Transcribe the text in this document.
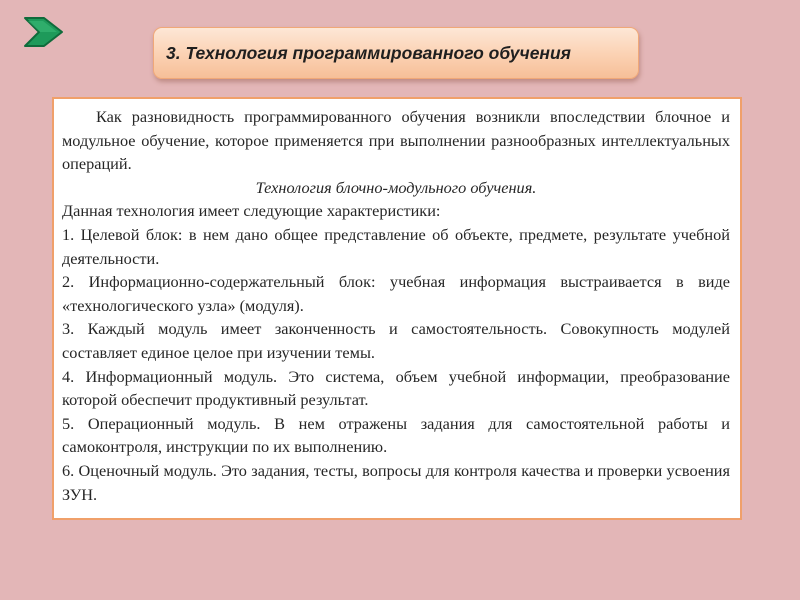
3. Технология программированного обучения

Как разновидность программированного обучения возникли впоследствии блочное и модульное обучение, которое применяется при выполнении разнообразных интеллектуальных операций.

Технология блочно-модульного обучения.

Данная технология имеет следующие характеристики:

1. Целевой блок: в нем дано общее представление об объекте, предмете, результате учебной деятельности.

2. Информационно-содержательный блок: учебная информация выстраивается в виде «технологического узла» (модуля).

3. Каждый модуль имеет законченность и самостоятельность. Совокупность модулей составляет единое целое при изучении темы.

4. Информационный модуль. Это система, объем учебной информации, преобразование которой обеспечит продуктивный результат.

5. Операционный модуль. В нем отражены задания для самостоятельной работы и самоконтроля, инструкции по их выполнению.

6. Оценочный модуль. Это задания, тесты, вопросы для контроля качества и проверки усвоения ЗУН.
